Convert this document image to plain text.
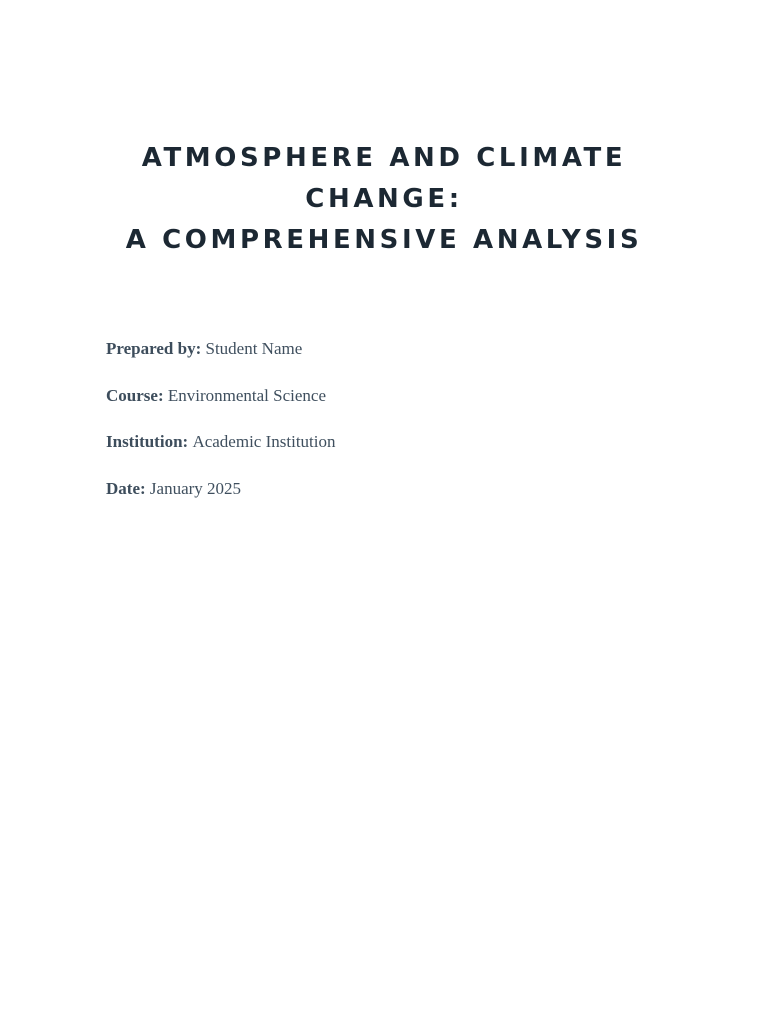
ATMOSPHERE AND CLIMATE
CHANGE:
A COMPREHENSIVE ANALYSIS
Prepared by: Student Name
Course: Environmental Science
Institution: Academic Institution
Date: January 2025
